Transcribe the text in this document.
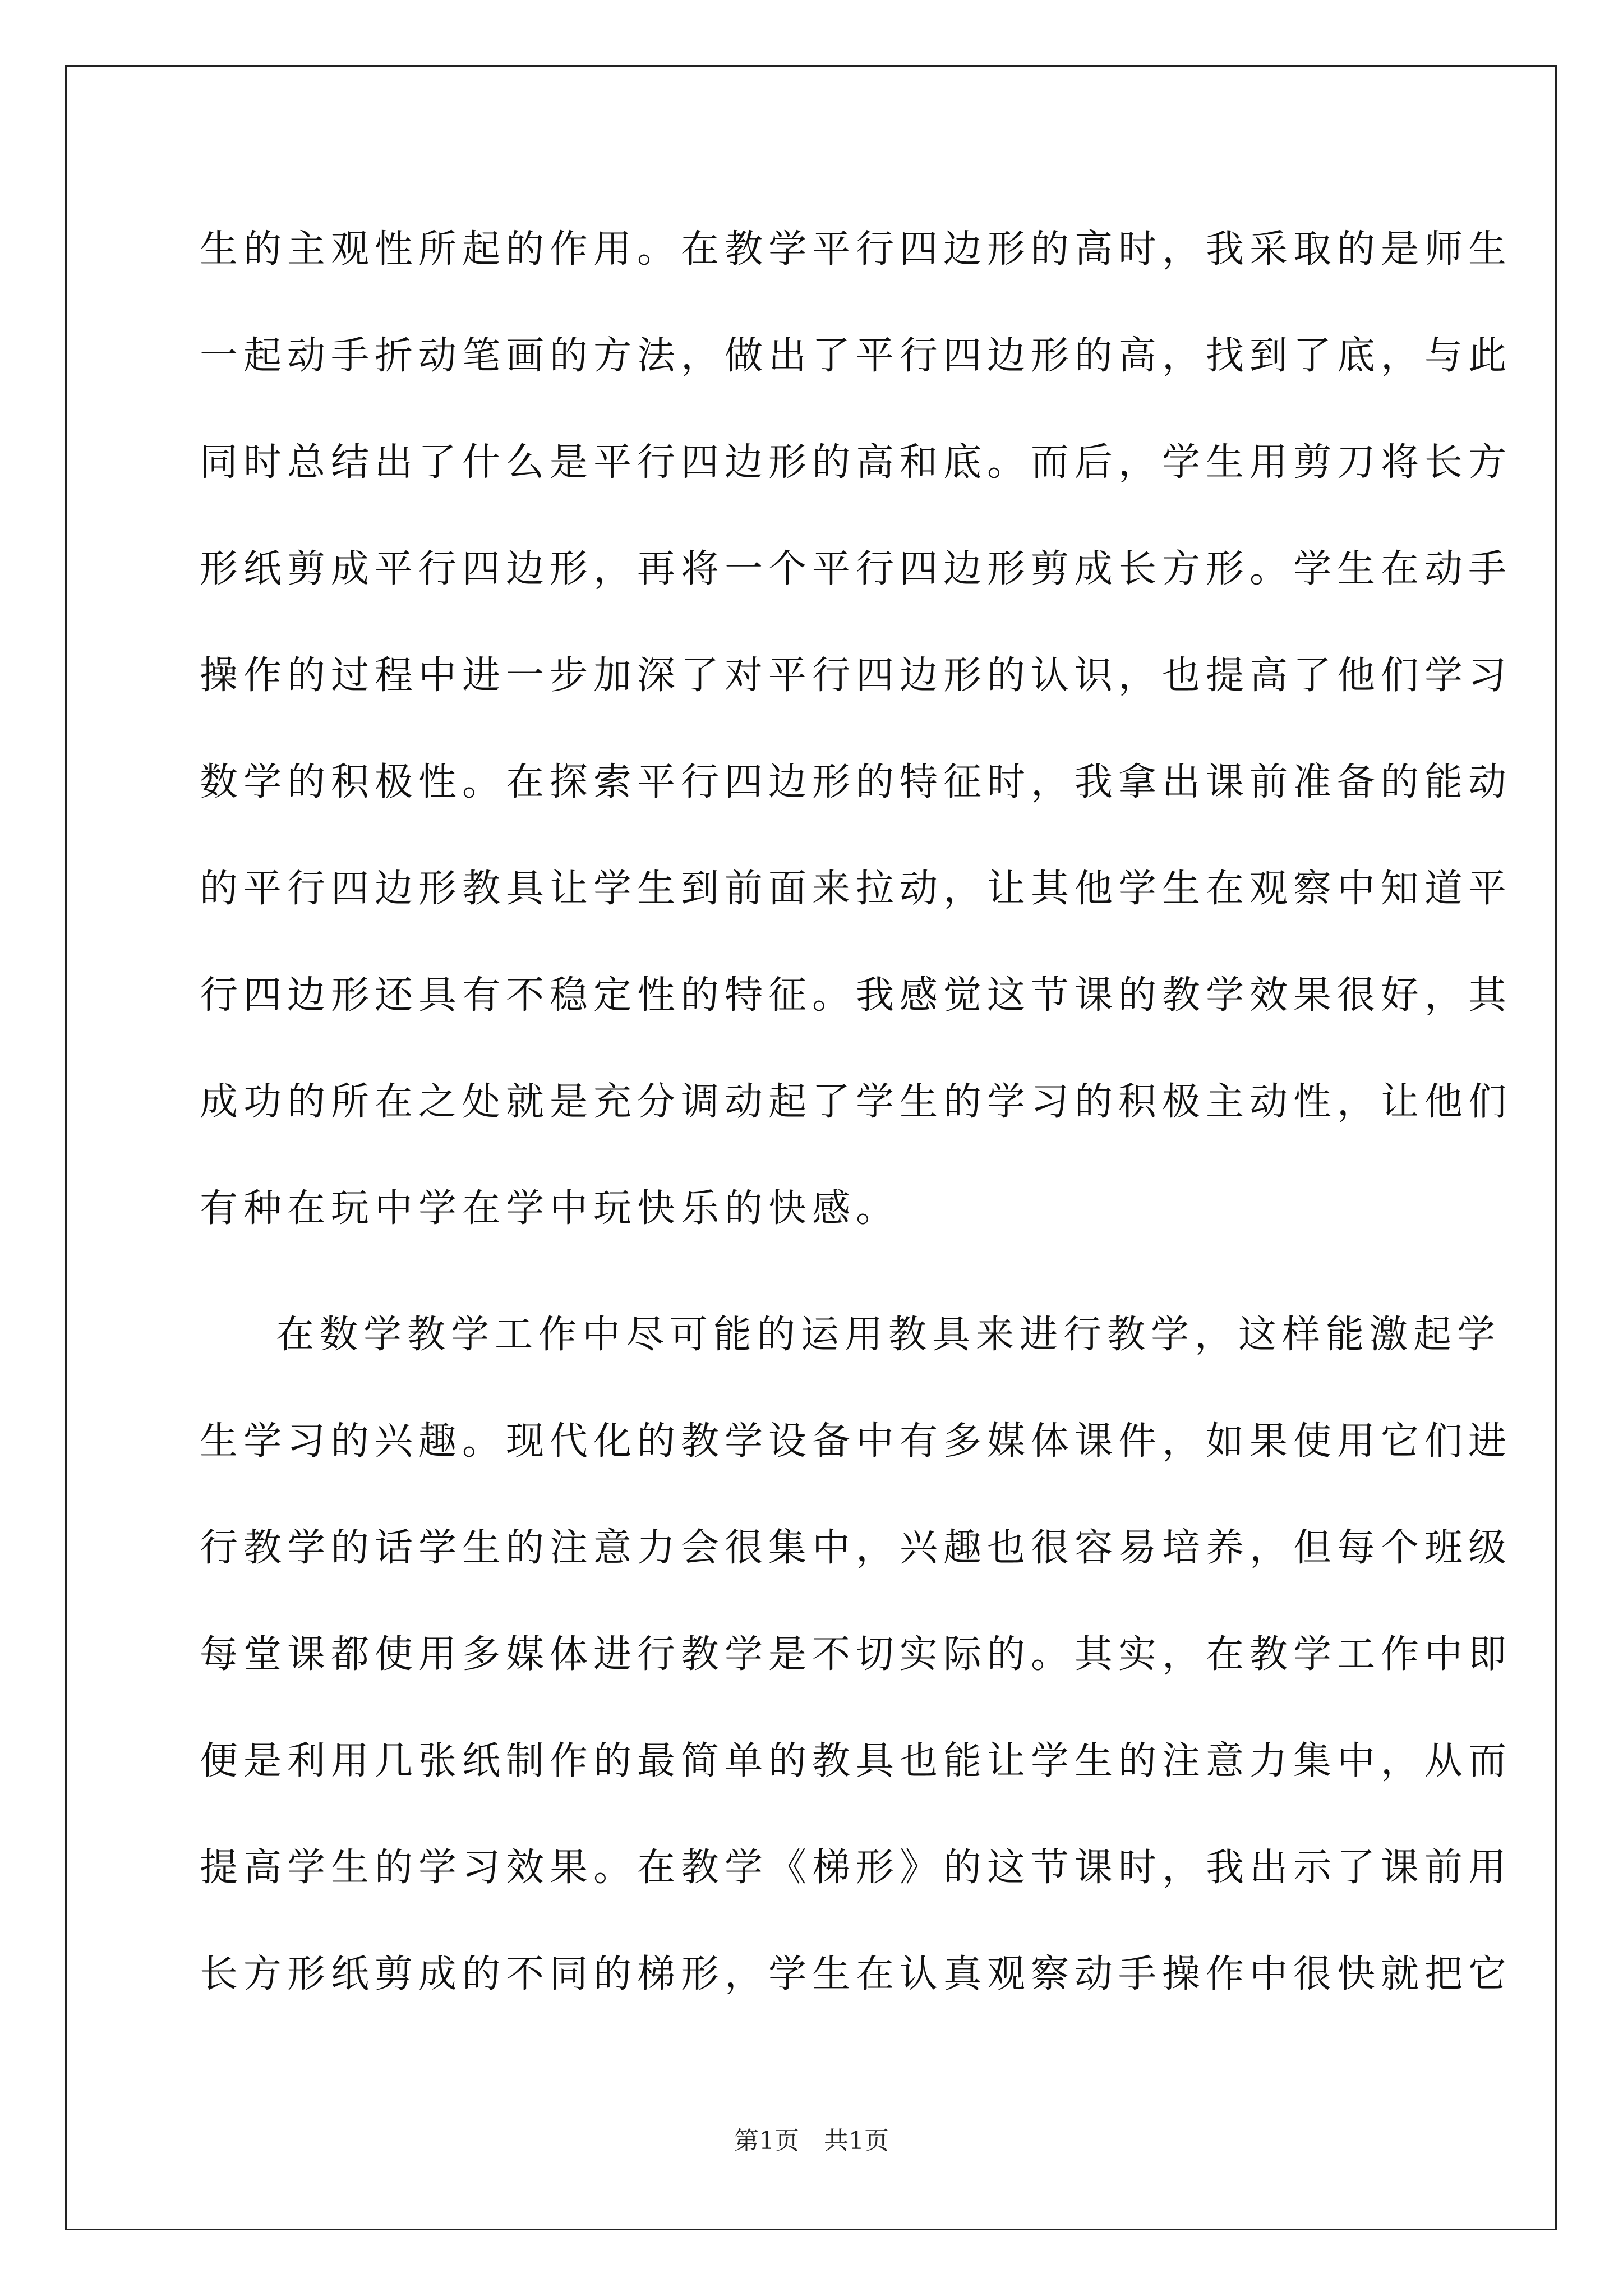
生的主观性所起的作用。在教学平行四边形的高时，我采取的是师生
一起动手折动笔画的方法，做出了平行四边形的高，找到了底，与此
同时总结出了什么是平行四边形的高和底。而后，学生用剪刀将长方
形纸剪成平行四边形，再将一个平行四边形剪成长方形。学生在动手
操作的过程中进一步加深了对平行四边形的认识，也提高了他们学习
数学的积极性。在探索平行四边形的特征时，我拿出课前准备的能动
的平行四边形教具让学生到前面来拉动，让其他学生在观察中知道平
行四边形还具有不稳定性的特征。我感觉这节课的教学效果很好，其
成功的所在之处就是充分调动起了学生的学习的积极主动性，让他们
有种在玩中学在学中玩快乐的快感。
在数学教学工作中尽可能的运用教具来进行教学，这样能激起学
生学习的兴趣。现代化的教学设备中有多媒体课件，如果使用它们进
行教学的话学生的注意力会很集中，兴趣也很容易培养，但每个班级
每堂课都使用多媒体进行教学是不切实际的。其实，在教学工作中即
便是利用几张纸制作的最简单的教具也能让学生的注意力集中，从而
提高学生的学习效果。在教学《梯形》的这节课时，我出示了课前用
长方形纸剪成的不同的梯形，学生在认真观察动手操作中很快就把它
第1页　共1页
